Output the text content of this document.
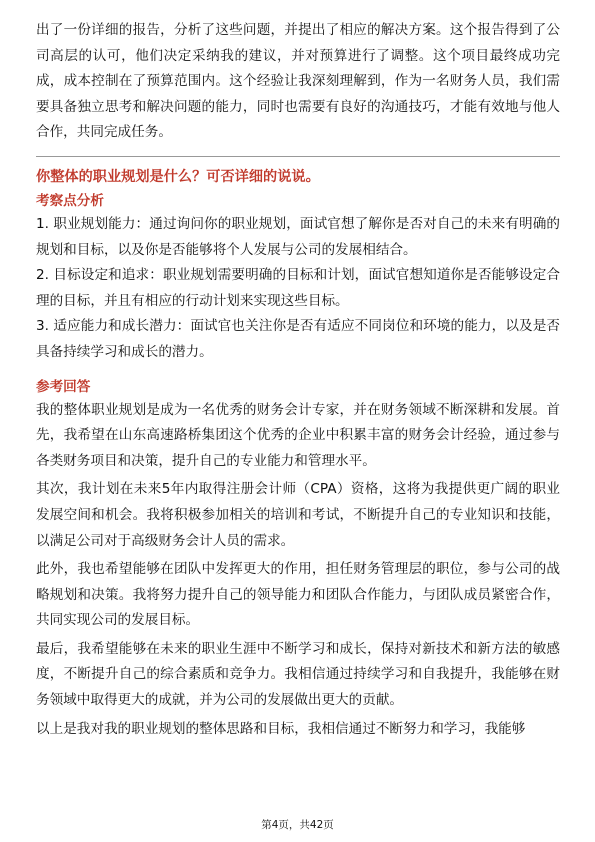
出了一份详细的报告，分析了这些问题，并提出了相应的解决方案。这个报告得到了公司高层的认可，他们决定采纳我的建议，并对预算进行了调整。这个项目最终成功完成，成本控制在了预算范围内。这个经验让我深刻理解到，作为一名财务人员，我们需要具备独立思考和解决问题的能力，同时也需要有良好的沟通技巧，才能有效地与他人合作，共同完成任务。

你整体的职业规划是什么？可否详细的说说。

考察点分析

1. 职业规划能力：通过询问你的职业规划，面试官想了解你是否对自己的未来有明确的规划和目标，以及你是否能够将个人发展与公司的发展相结合。

2. 目标设定和追求：职业规划需要明确的目标和计划，面试官想知道你是否能够设定合理的目标，并且有相应的行动计划来实现这些目标。

3. 适应能力和成长潜力：面试官也关注你是否有适应不同岗位和环境的能力，以及是否具备持续学习和成长的潜力。

参考回答

我的整体职业规划是成为一名优秀的财务会计专家，并在财务领域不断深耕和发展。首先，我希望在山东高速路桥集团这个优秀的企业中积累丰富的财务会计经验，通过参与各类财务项目和决策，提升自己的专业能力和管理水平。

其次，我计划在未来5年内取得注册会计师（CPA）资格，这将为我提供更广阔的职业发展空间和机会。我将积极参加相关的培训和考试，不断提升自己的专业知识和技能，以满足公司对于高级财务会计人员的需求。

此外，我也希望能够在团队中发挥更大的作用，担任财务管理层的职位，参与公司的战略规划和决策。我将努力提升自己的领导能力和团队合作能力，与团队成员紧密合作，共同实现公司的发展目标。

最后，我希望能够在未来的职业生涯中不断学习和成长，保持对新技术和新方法的敏感度，不断提升自己的综合素质和竞争力。我相信通过持续学习和自我提升，我能够在财务领域中取得更大的成就，并为公司的发展做出更大的贡献。

以上是我对我的职业规划的整体思路和目标，我相信通过不断努力和学习，我能够

第4页，共42页
